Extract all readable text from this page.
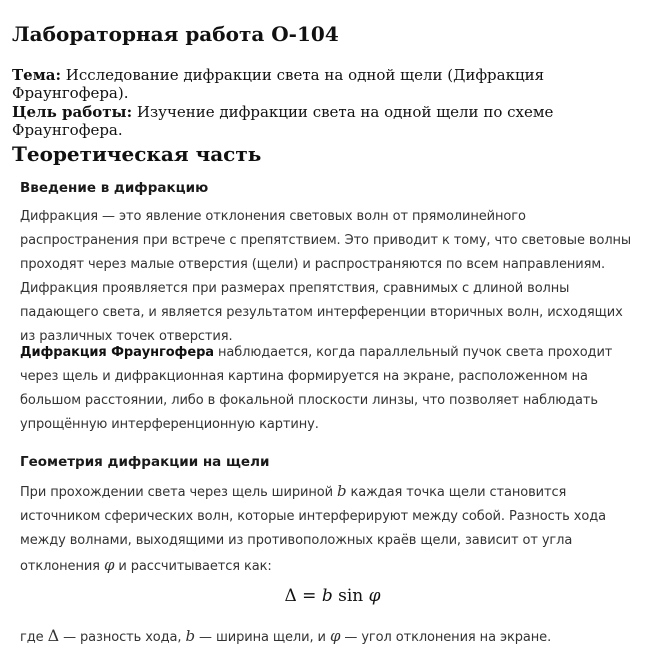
Лабораторная работа О-104

Тема: Исследование дифракции света на одной щели (Дифракция Фраунгофера).

Цель работы: Изучение дифракции света на одной щели по схеме Фраунгофера.

Теоретическая часть
Введение в дифракцию

Дифракция — это явление отклонения световых волн от прямолинейного распространения при встрече с препятствием. Это приводит к тому, что световые волны проходят через малые отверстия (щели) и распространяются по всем направлениям. Дифракция проявляется при размерах препятствия, сравнимых с длиной волны падающего света, и является результатом интерференции вторичных волн, исходящих из различных точек отверстия.

Дифракция Фраунгофера наблюдается, когда параллельный пучок света проходит через щель и дифракционная картина формируется на экране, расположенном на большом расстоянии, либо в фокальной плоскости линзы, что позволяет наблюдать упрощённую интерференционную картину.

Геометрия дифракции на щели

При прохождении света через щель шириной b каждая точка щели становится источником сферических волн, которые интерферируют между собой. Разность хода между волнами, выходящими из противоположных краёв щели, зависит от угла отклонения φ и рассчитывается как:

Δ = b sin φ

где Δ — разность хода, b — ширина щели, и φ — угол отклонения на экране.
